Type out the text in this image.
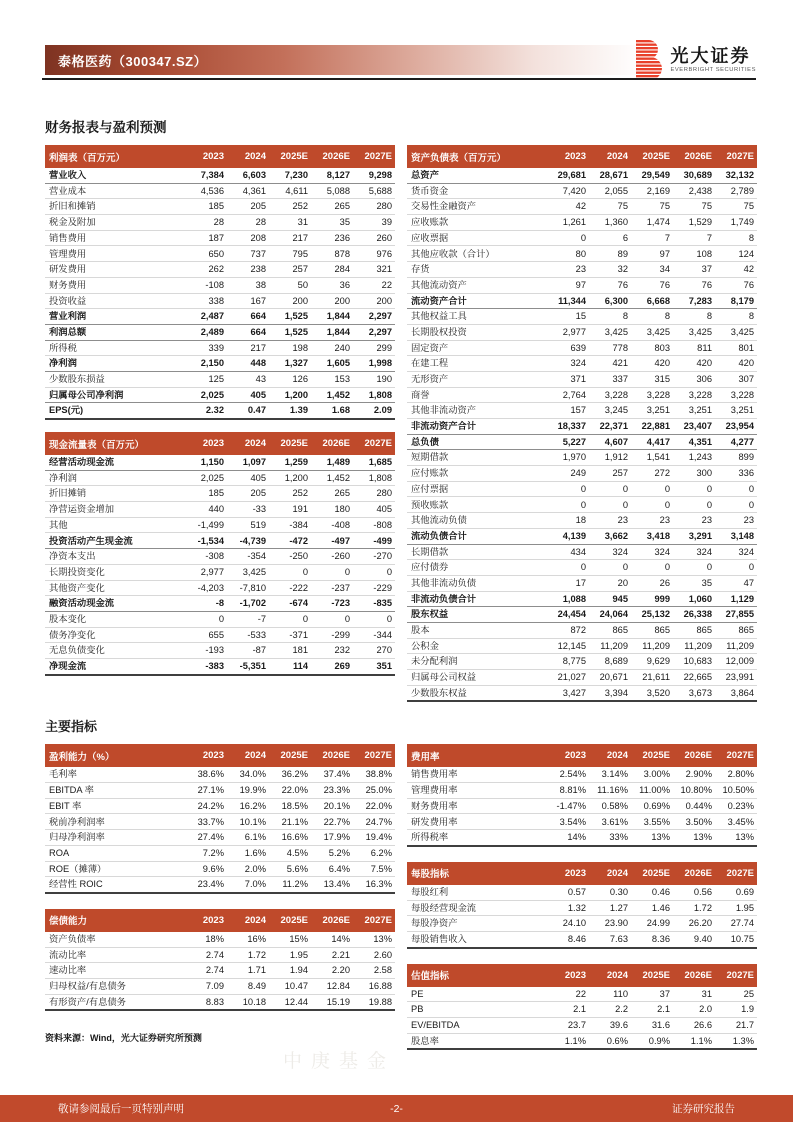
泰格医药（300347.SZ）	光大证券
EVERBRIGHT SECURITIES
财务报表与盈利预测
利润表（百万元）	2023	2024	2025E	2026E	2027E
营业收入	7,384	6,603	7,230	8,127	9,298
营业成本	4,536	4,361	4,611	5,088	5,688
折旧和摊销	185	205	252	265	280
税金及附加	28	28	31	35	39
销售费用	187	208	217	236	260
管理费用	650	737	795	878	976
研发费用	262	238	257	284	321
财务费用	-108	38	50	36	22
投资收益	338	167	200	200	200
营业利润	2,487	664	1,525	1,844	2,297
利润总额	2,489	664	1,525	1,844	2,297
所得税	339	217	198	240	299
净利润	2,150	448	1,327	1,605	1,998
少数股东损益	125	43	126	153	190
归属母公司净利润	2,025	405	1,200	1,452	1,808
EPS(元)	2.32	0.47	1.39	1.68	2.09
现金流量表（百万元）	2023	2024	2025E	2026E	2027E
经营活动现金流	1,150	1,097	1,259	1,489	1,685
净利润	2,025	405	1,200	1,452	1,808
折旧摊销	185	205	252	265	280
净营运资金增加	440	-33	191	180	405
其他	-1,499	519	-384	-408	-808
投资活动产生现金流	-1,534	-4,739	-472	-497	-499
净资本支出	-308	-354	-250	-260	-270
长期投资变化	2,977	3,425	0	0	0
其他资产变化	-4,203	-7,810	-222	-237	-229
融资活动现金流	-8	-1,702	-674	-723	-835
股本变化	0	-7	0	0	0
债务净变化	655	-533	-371	-299	-344
无息负债变化	-193	-87	181	232	270
净现金流	-383	-5,351	114	269	351
资产负债表（百万元）	2023	2024	2025E	2026E	2027E
总资产	29,681	28,671	29,549	30,689	32,132
货币资金	7,420	2,055	2,169	2,438	2,789
交易性金融资产	42	75	75	75	75
应收账款	1,261	1,360	1,474	1,529	1,749
应收票据	0	6	7	7	8
其他应收款（合计）	80	89	97	108	124
存货	23	32	34	37	42
其他流动资产	97	76	76	76	76
流动资产合计	11,344	6,300	6,668	7,283	8,179
其他权益工具	15	8	8	8	8
长期股权投资	2,977	3,425	3,425	3,425	3,425
固定资产	639	778	803	811	801
在建工程	324	421	420	420	420
无形资产	371	337	315	306	307
商誉	2,764	3,228	3,228	3,228	3,228
其他非流动资产	157	3,245	3,251	3,251	3,251
非流动资产合计	18,337	22,371	22,881	23,407	23,954
总负债	5,227	4,607	4,417	4,351	4,277
短期借款	1,970	1,912	1,541	1,243	899
应付账款	249	257	272	300	336
应付票据	0	0	0	0	0
预收账款	0	0	0	0	0
其他流动负债	18	23	23	23	23
流动负债合计	4,139	3,662	3,418	3,291	3,148
长期借款	434	324	324	324	324
应付债券	0	0	0	0	0
其他非流动负债	17	20	26	35	47
非流动负债合计	1,088	945	999	1,060	1,129
股东权益	24,454	24,064	25,132	26,338	27,855
股本	872	865	865	865	865
公积金	12,145	11,209	11,209	11,209	11,209
未分配利润	8,775	8,689	9,629	10,683	12,009
归属母公司权益	21,027	20,671	21,611	22,665	23,991
少数股东权益	3,427	3,394	3,520	3,673	3,864
主要指标
盈利能力（%）	2023	2024	2025E	2026E	2027E
毛利率	38.6%	34.0%	36.2%	37.4%	38.8%
EBITDA 率	27.1%	19.9%	22.0%	23.3%	25.0%
EBIT 率	24.2%	16.2%	18.5%	20.1%	22.0%
税前净利润率	33.7%	10.1%	21.1%	22.7%	24.7%
归母净利润率	27.4%	6.1%	16.6%	17.9%	19.4%
ROA	7.2%	1.6%	4.5%	5.2%	6.2%
ROE（摊薄）	9.6%	2.0%	5.6%	6.4%	7.5%
经营性 ROIC	23.4%	7.0%	11.2%	13.4%	16.3%
偿债能力	2023	2024	2025E	2026E	2027E
资产负债率	18%	16%	15%	14%	13%
流动比率	2.74	1.72	1.95	2.21	2.60
速动比率	2.74	1.71	1.94	2.20	2.58
归母权益/有息债务	7.09	8.49	10.47	12.84	16.88
有形资产/有息债务	8.83	10.18	12.44	15.19	19.88
资料来源：Wind，光大证券研究所预测
费用率	2023	2024	2025E	2026E	2027E
销售费用率	2.54%	3.14%	3.00%	2.90%	2.80%
管理费用率	8.81%	11.16%	11.00%	10.80%	10.50%
财务费用率	-1.47%	0.58%	0.69%	0.44%	0.23%
研发费用率	3.54%	3.61%	3.55%	3.50%	3.45%
所得税率	14%	33%	13%	13%	13%
每股指标	2023	2024	2025E	2026E	2027E
每股红利	0.57	0.30	0.46	0.56	0.69
每股经营现金流	1.32	1.27	1.46	1.72	1.95
每股净资产	24.10	23.90	24.99	26.20	27.74
每股销售收入	8.46	7.63	8.36	9.40	10.75
估值指标	2023	2024	2025E	2026E	2027E
PE	22	110	37	31	25
PB	2.1	2.2	2.1	2.0	1.9
EV/EBITDA	23.7	39.6	31.6	26.6	21.7
股息率	1.1%	0.6%	0.9%	1.1%	1.3%
中庚基金
-2-
敬请参阅最后一页特别声明	证券研究报告
